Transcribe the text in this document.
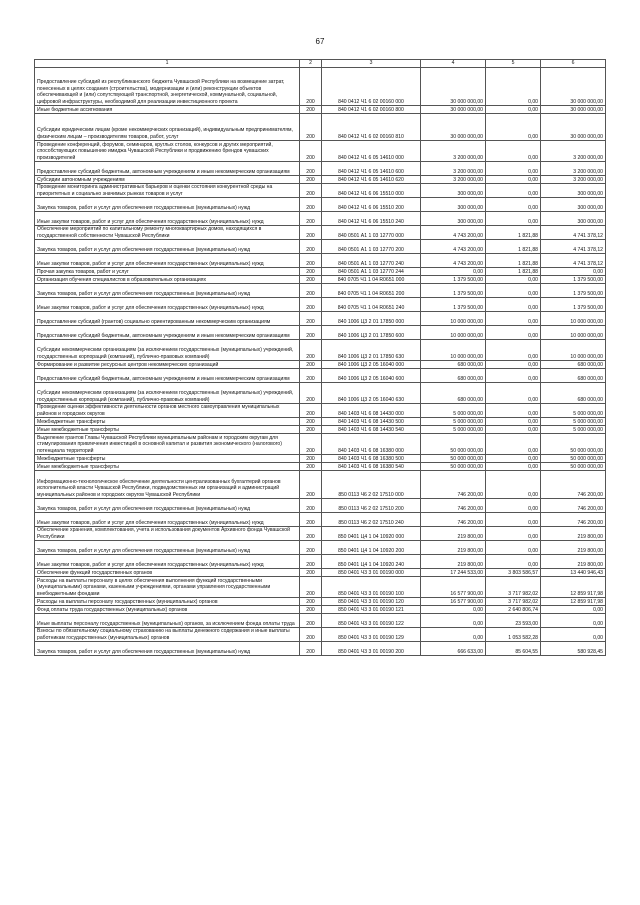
67
1	2	3	4	5	6
Предоставление субсидий из республиканского бюджета Чувашской Республики на возмещение затрат, понесенных в целях создания (строительства), модернизации и (или) реконструкции объектов обеспечивающей и (или) сопутствующей транспортной, энергетической, коммунальной, социальной, цифровой инфраструктуры, необходимой для реализации инвестиционного проекта	200	840 0412 Ч1 6 02 00160 000	30 000 000,00	0,00	30 000 000,00
Иные бюджетные ассигнования	200	840 0412 Ч1 6 02 00160 800	30 000 000,00	0,00	30 000 000,00
Субсидии юридическим лицам (кроме некоммерческих организаций), индивидуальным предпринимателям, физическим лицам – производителям товаров, работ, услуг	200	840 0412 Ч1 6 02 00160 810	30 000 000,00	0,00	30 000 000,00
Проведение конференций, форумов, семинаров, круглых столов, конкурсов и других мероприятий, способствующих повышению имиджа Чувашской Республики и продвижению брендов чувашских производителей	200	840 0412 Ч1 6 05 14610 000	3 200 000,00	0,00	3 200 000,00
Предоставление субсидий бюджетным, автономным учреждениям и иным некоммерческим организациям	200	840 0412 Ч1 6 05 14610 600	3 200 000,00	0,00	3 200 000,00
Субсидии автономным учреждениям	200	840 0412 Ч1 6 05 14610 620	3 200 000,00	0,00	3 200 000,00
Проведение мониторинга административных барьеров и оценки состояния конкурентной среды на приоритетных и социально значимых рынках товаров и услуг	200	840 0412 Ч1 6 06 15510 000	300 000,00	0,00	300 000,00
Закупка товаров, работ и услуг для обеспечения государственных (муниципальных) нужд	200	840 0412 Ч1 6 06 15510 200	300 000,00	0,00	300 000,00
Иные закупки товаров, работ и услуг для обеспечения государственных (муниципальных) нужд	200	840 0412 Ч1 6 06 15510 240	300 000,00	0,00	300 000,00
Обеспечение мероприятий по капитальному ремонту многоквартирных домов, находящихся в государственной собственности Чувашской Республики	200	840 0501 А1 1 03 12770 000	4 743 200,00	1 821,88	4 741 378,12
Закупка товаров, работ и услуг для обеспечения государственных (муниципальных) нужд	200	840 0501 А1 1 03 12770 200	4 743 200,00	1 821,88	4 741 378,12
Иные закупки товаров, работ и услуг для обеспечения государственных (муниципальных) нужд	200	840 0501 А1 1 03 12770 240	4 743 200,00	1 821,88	4 741 378,12
Прочая закупка товаров, работ и услуг	200	840 0501 А1 1 03 12770 244	0,00	1 821,88	0,00
Организация обучения специалистов в образовательных организациях	200	840 0705 Ч1 1 04 R0651 000	1 379 500,00	0,00	1 379 500,00
Закупка товаров, работ и услуг для обеспечения государственных (муниципальных) нужд	200	840 0705 Ч1 1 04 R0651 200	1 379 500,00	0,00	1 379 500,00
Иные закупки товаров, работ и услуг для обеспечения государственных (муниципальных) нужд	200	840 0705 Ч1 1 04 R0651 240	1 379 500,00	0,00	1 379 500,00
Предоставление субсидий (грантов) социально ориентированным некоммерческим организациям	200	840 1006 Ц3 2 01 17850 000	10 000 000,00	0,00	10 000 000,00
Предоставление субсидий бюджетным, автономным учреждениям и иным некоммерческим организациям	200	840 1006 Ц3 2 01 17850 600	10 000 000,00	0,00	10 000 000,00
Субсидии некоммерческим организациям (за исключением государственных (муниципальных) учреждений, государственных корпораций (компаний), публично-правовых компаний)	200	840 1006 Ц3 2 01 17850 630	10 000 000,00	0,00	10 000 000,00
Формирование и развитие ресурсных центров некоммерческих организаций	200	840 1006 Ц3 2 05 16040 000	680 000,00	0,00	680 000,00
Предоставление субсидий бюджетным, автономным учреждениям и иным некоммерческим организациям	200	840 1006 Ц3 2 05 16040 600	680 000,00	0,00	680 000,00
Субсидии некоммерческим организациям (за исключением государственных (муниципальных) учреждений, государственных корпораций (компаний), публично-правовых компаний)	200	840 1006 Ц3 2 05 16040 630	680 000,00	0,00	680 000,00
Проведение оценки эффективности деятельности органов местного самоуправления муниципальных районов и городских округов	200	840 1403 Ч1 6 08 14430 000	5 000 000,00	0,00	5 000 000,00
Межбюджетные трансферты	200	840 1403 Ч1 6 08 14430 500	5 000 000,00	0,00	5 000 000,00
Иные межбюджетные трансферты	200	840 1403 Ч1 6 08 14430 540	5 000 000,00	0,00	5 000 000,00
Выделение грантов Главы Чувашской Республики муниципальным районам и городским округам для стимулирования привлечения инвестиций в основной капитал и развития экономического (налогового) потенциала территорий	200	840 1403 Ч1 6 08 16380 000	50 000 000,00	0,00	50 000 000,00
Межбюджетные трансферты	200	840 1403 Ч1 6 08 16380 500	50 000 000,00	0,00	50 000 000,00
Иные межбюджетные трансферты	200	840 1403 Ч1 6 08 16380 540	50 000 000,00	0,00	50 000 000,00
Информационно-технологическое обеспечение деятельности централизованных бухгалтерий органов исполнительной власти Чувашской Республики, подведомственных им организаций и администраций муниципальных районов и городских округов Чувашской Республики	200	850 0113 Ч6 2 02 17510 000	746 200,00	0,00	746 200,00
Закупка товаров, работ и услуг для обеспечения государственных (муниципальных) нужд	200	850 0113 Ч6 2 02 17510 200	746 200,00	0,00	746 200,00
Иные закупки товаров, работ и услуг для обеспечения государственных (муниципальных) нужд	200	850 0113 Ч6 2 02 17510 240	746 200,00	0,00	746 200,00
Обеспечение хранения, комплектования, учета и использования документов Архивного фонда Чувашской Республики	200	850 0401 Ц4 1 04 10920 000	219 800,00	0,00	219 800,00
Закупка товаров, работ и услуг для обеспечения государственных (муниципальных) нужд	200	850 0401 Ц4 1 04 10920 200	219 800,00	0,00	219 800,00
Иные закупки товаров, работ и услуг для обеспечения государственных (муниципальных) нужд	200	850 0401 Ц4 1 04 10920 240	219 800,00	0,00	219 800,00
Обеспечение функций государственных органов	200	850 0401 Ч3 3 01 00190 000	17 244 533,00	3 803 586,57	13 440 946,43
Расходы на выплаты персоналу в целях обеспечения выполнения функций государственными (муниципальными) органами, казенными учреждениями, органами управления государственными внебюджетными фондами	200	850 0401 Ч3 3 01 00190 100	16 577 900,00	3 717 982,02	12 859 917,98
Расходы на выплаты персоналу государственных (муниципальных) органов	200	850 0401 Ч3 3 01 00190 120	16 577 900,00	3 717 982,02	12 859 917,98
Фонд оплаты труда государственных (муниципальных) органов	200	850 0401 Ч3 3 01 00190 121	0,00	2 640 806,74	0,00
Иные выплаты персоналу государственных (муниципальных) органов, за исключением фонда оплаты труда	200	850 0401 Ч3 3 01 00190 122	0,00	23 593,00	0,00
Взносы по обязательному социальному страхованию на выплаты денежного содержания и иные выплаты работникам государственных (муниципальных) органов	200	850 0401 Ч3 3 01 00190 129	0,00	1 053 582,28	0,00
Закупка товаров, работ и услуг для обеспечения государственных (муниципальных) нужд	200	850 0401 Ч3 3 01 00190 200	666 633,00	85 604,55	580 928,45
